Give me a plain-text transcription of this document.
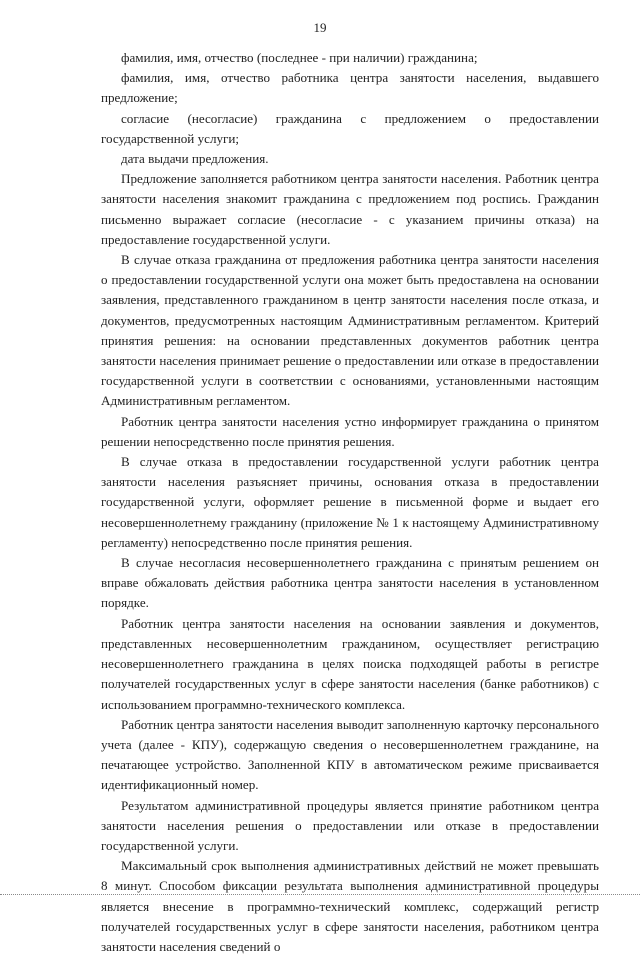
19

фамилия, имя, отчество (последнее - при наличии) гражданина;

фамилия, имя, отчество работника центра занятости населения, выдавшего предложение;

согласие (несогласие) гражданина с предложением о предоставлении государственной услуги;

дата выдачи предложения.

Предложение заполняется работником центра занятости населения. Работник центра занятости населения знакомит гражданина с предложением под роспись. Гражданин письменно выражает согласие (несогласие - с указанием причины отказа) на предоставление государственной услуги.

В случае отказа гражданина от предложения работника центра занятости населения о предоставлении государственной услуги она может быть предоставлена на основании заявления, представленного гражданином в центр занятости населения после отказа, и документов, предусмотренных настоящим Административным регламентом. Критерий принятия решения: на основании представленных документов работник центра занятости населения принимает решение о предоставлении или отказе в предоставлении государственной услуги в соответствии с основаниями, установленными настоящим Административным регламентом.

Работник центра занятости населения устно информирует гражданина о принятом решении непосредственно после принятия решения.

В случае отказа в предоставлении государственной услуги работник центра занятости населения разъясняет причины, основания отказа в предоставлении государственной услуги, оформляет решение в письменной форме и выдает его несовершеннолетнему гражданину (приложение № 1 к настоящему Административному регламенту) непосредственно после принятия решения.

В случае несогласия несовершеннолетнего гражданина с принятым решением он вправе обжаловать действия работника центра занятости населения в установленном порядке.

Работник центра занятости населения на основании заявления и документов, представленных несовершеннолетним гражданином, осуществляет регистрацию несовершеннолетнего гражданина в целях поиска подходящей работы в регистре получателей государственных услуг в сфере занятости населения (банке работников) с использованием программно-технического комплекса.

Работник центра занятости населения выводит заполненную карточку персонального учета (далее - КПУ), содержащую сведения о несовершеннолетнем гражданине, на печатающее устройство. Заполненной КПУ в автоматическом режиме присваивается идентификационный номер.

Результатом административной процедуры является принятие работником центра занятости населения решения о предоставлении или отказе в предоставлении государственной услуги.

Максимальный срок выполнения административных действий не может превышать 8 минут. Способом фиксации результата выполнения административной процедуры является внесение в программно-технический комплекс, содержащий регистр получателей государственных услуг в сфере занятости населения, работником центра занятости населения сведений о
